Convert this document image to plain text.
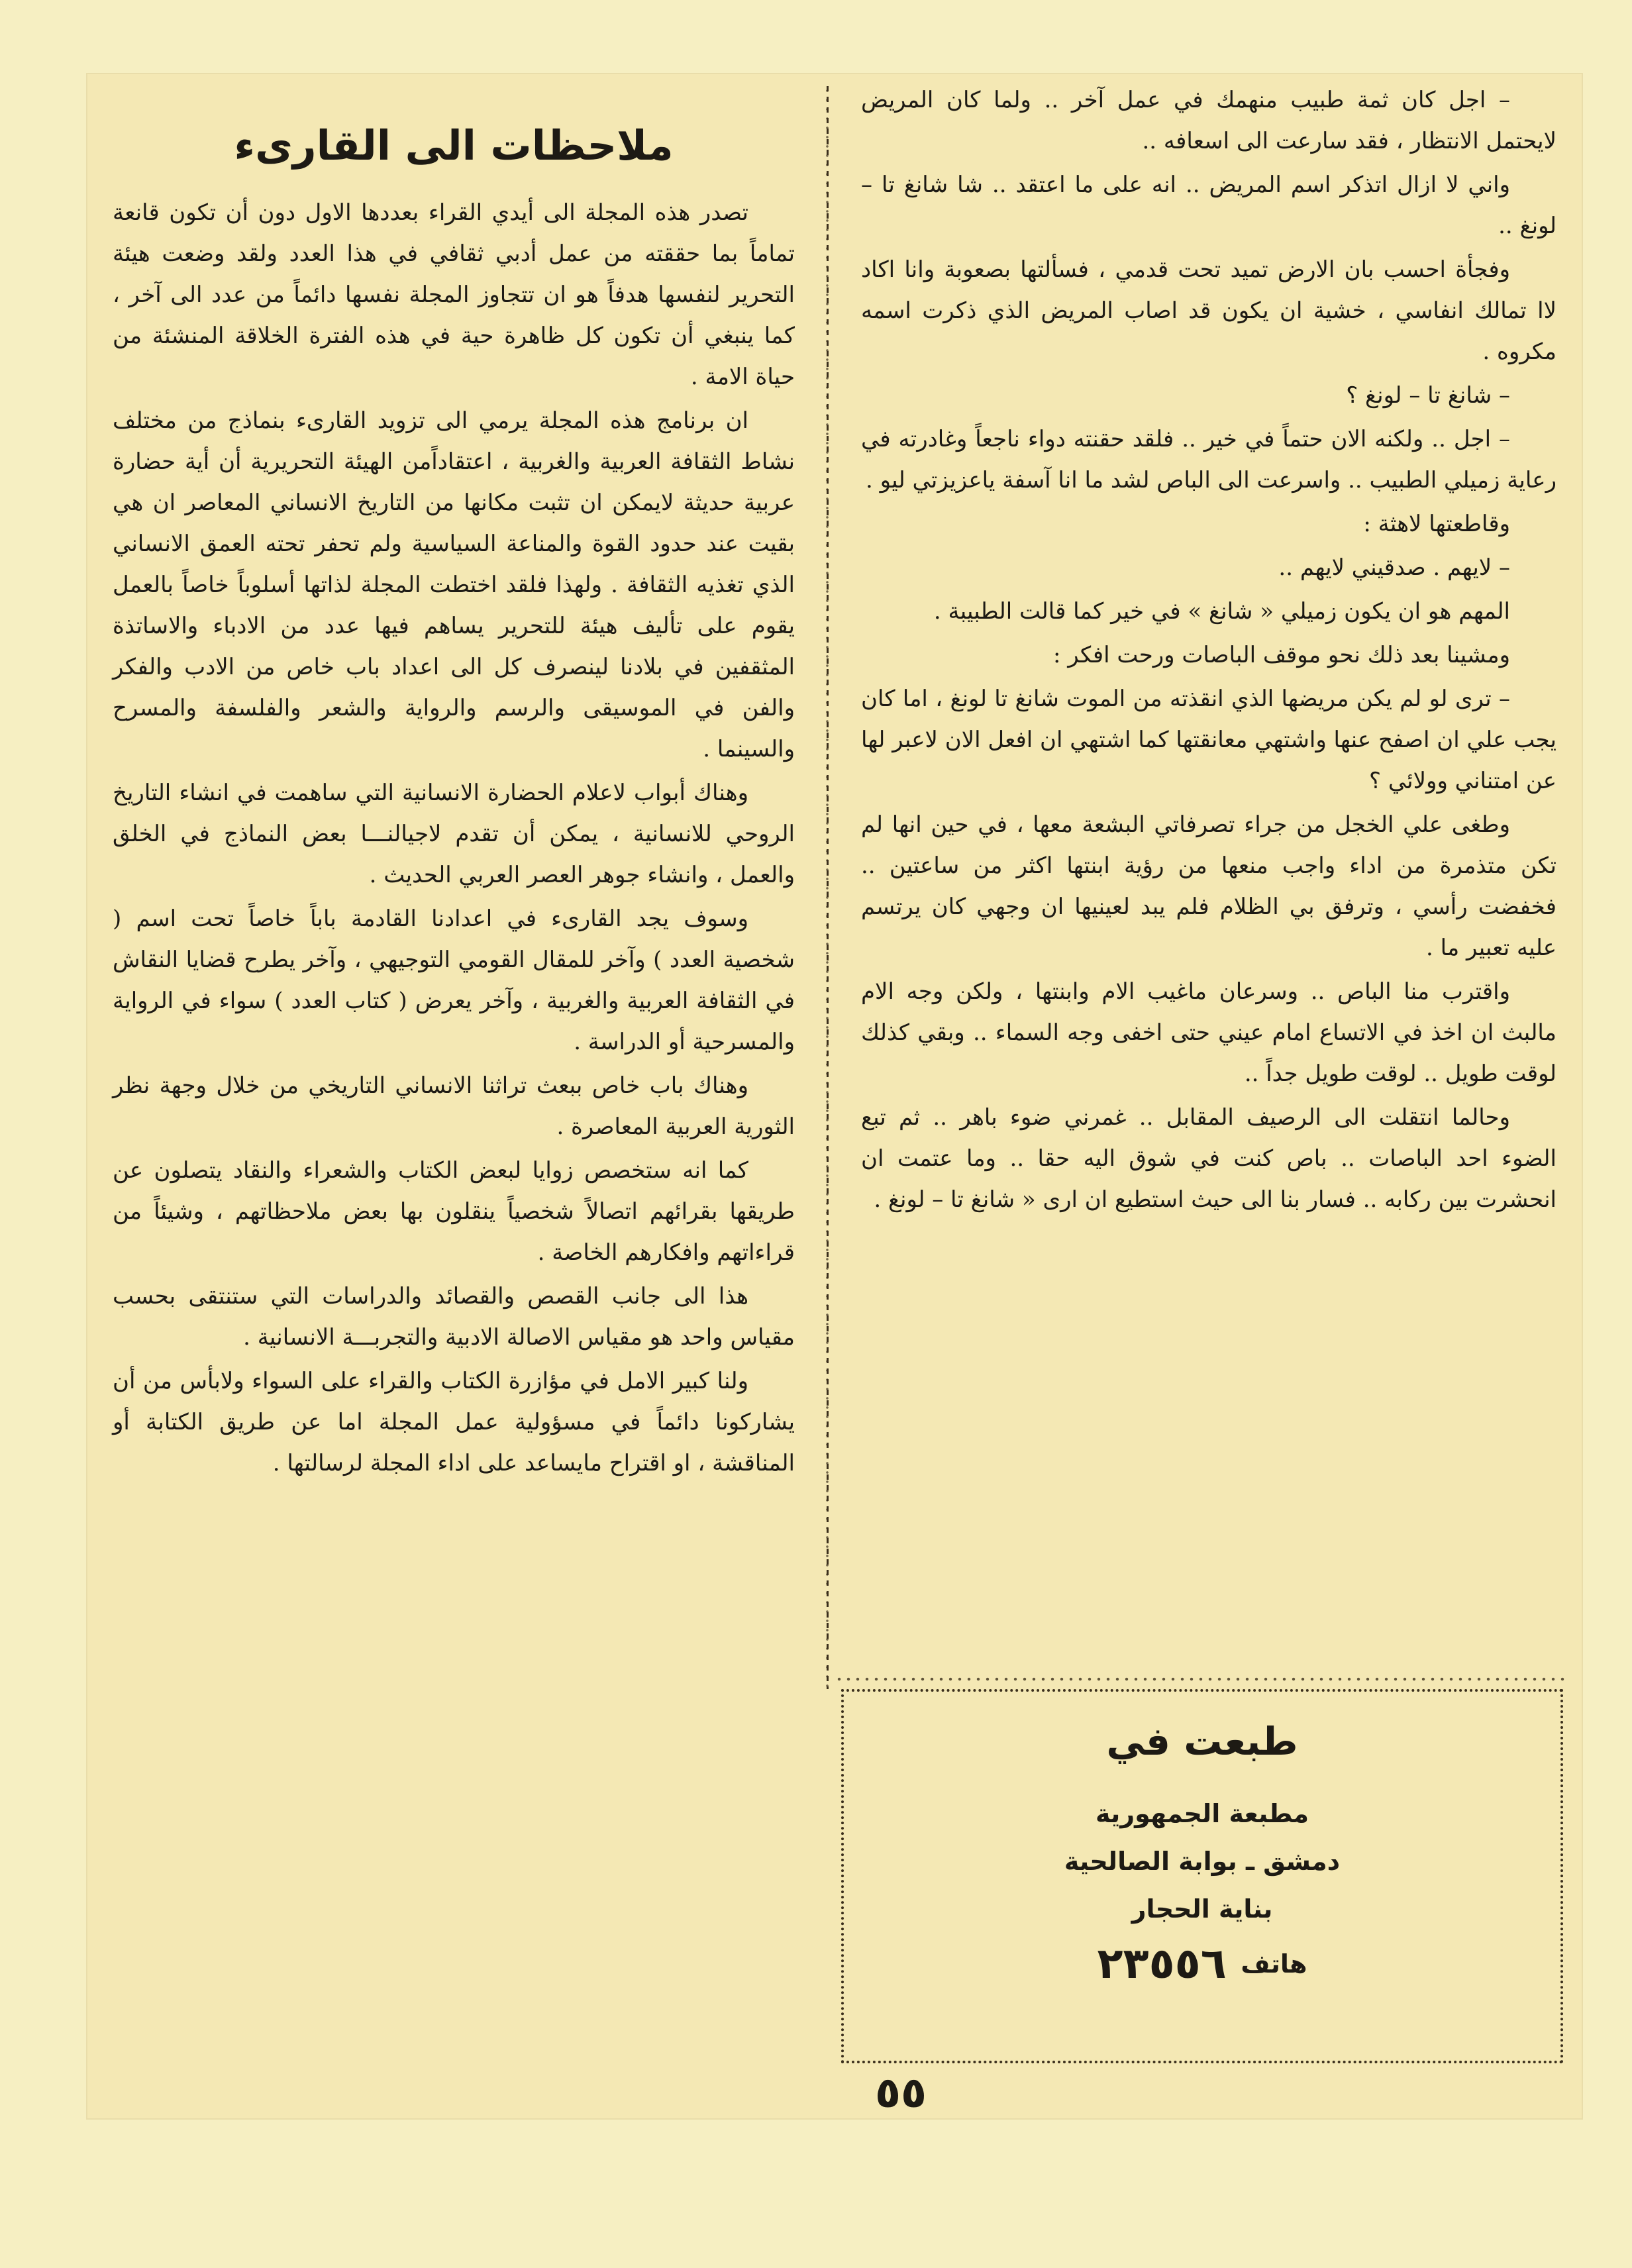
ملاحظات الى القارىء

تصدر هذه المجلة الى أيدي القراء بعددها الاول دون أن تكون قانعة تماماً بما حققته من عمل أدبي ثقافي في هذا العدد ولقد وضعت هيئة التحرير لنفسها هدفاً هو ان تتجاوز المجلة نفسها دائماً من عدد الى آخر ، كما ينبغي أن تكون كل ظاهرة حية في هذه الفترة الخلاقة المنشئة من حياة الامة .

ان برنامج هذه المجلة يرمي الى تزويد القارىء بنماذج من مختلف نشاط الثقافة العربية والغربية ، اعتقاداًمن الهيئة التحريرية أن أية حضارة عربية حديثة لايمكن ان تثبت مكانها من التاريخ الانساني المعاصر ان هي بقيت عند حدود القوة والمناعة السياسية ولم تحفر تحته العمق الانساني الذي تغذيه الثقافة . ولهذا فلقد اختطت المجلة لذاتها أسلوباً خاصاً بالعمل يقوم على تأليف هيئة للتحرير يساهم فيها عدد من الادباء والاساتذة المثقفين في بلادنا لينصرف كل الى اعداد باب خاص من الادب والفكر والفن في الموسيقى والرسم والرواية والشعر والفلسفة والمسرح والسينما .

وهناك أبواب لاعلام الحضارة الانسانية التي ساهمت في انشاء التاريخ الروحي للانسانية ، يمكن أن تقدم لاجيالنـــا بعض النماذج في الخلق والعمل ، وانشاء جوهر العصر العربي الحديث .

وسوف يجد القارىء في اعدادنا القادمة باباً خاصاً تحت اسم ( شخصية العدد ) وآخر للمقال القومي التوجيهي ، وآخر يطرح قضايا النقاش في الثقافة العربية والغربية ، وآخر يعرض ( كتاب العدد ) سواء في الرواية والمسرحية أو الدراسة .

وهناك باب خاص ببعث تراثنا الانساني التاريخي من خلال وجهة نظر الثورية العربية المعاصرة .

كما انه ستخصص زوايا لبعض الكتاب والشعراء والنقاد يتصلون عن طريقها بقرائهم اتصالاً شخصياً ينقلون بها بعض ملاحظاتهم ، وشيئاً من قراءاتهم وافكارهم الخاصة .

هذا الى جانب القصص والقصائد والدراسات التي ستنتقى بحسب مقياس واحد هو مقياس الاصالة الادبية والتجربـــة الانسانية .

ولنا كبير الامل في مؤازرة الكتاب والقراء على السواء ولابأس من أن يشاركونا دائماً في مسؤولية عمل المجلة اما عن طريق الكتابة أو المناقشة ، او اقتراح مايساعد على اداء المجلة لرسالتها .

– اجل كان ثمة طبيب منهمك في عمل آخر .. ولما كان المريض لايحتمل الانتظار ، فقد سارعت الى اسعافه ..

واني لا ازال اتذكر اسم المريض .. انه على ما اعتقد .. شا شانغ تا – لونغ ..

وفجأة احسب بان الارض تميد تحت قدمي ، فسألتها بصعوبة وانا اكاد لاا تمالك انفاسي ، خشية ان يكون قد اصاب المريض الذي ذكرت اسمه مكروه .

– شانغ تا – لونغ ؟

– اجل .. ولكنه الان حتماً في خير .. فلقد حقنته دواء ناجعاً وغادرته في رعاية زميلي الطبيب .. واسرعت الى الباص لشد ما انا آسفة ياعزيزتي ليو .

وقاطعتها لاهثة :

– لايهم . صدقيني لايهم ..

المهم هو ان يكون زميلي « شانغ » في خير كما قالت الطبيبة .

ومشينا بعد ذلك نحو موقف الباصات ورحت افكر :

– ترى لو لم يكن مريضها الذي انقذته من الموت شانغ تا لونغ ، اما كان يجب علي ان اصفح عنها واشتهي معانقتها كما اشتهي ان افعل الان لاعبر لها عن امتناني وولائي ؟

وطغى علي الخجل من جراء تصرفاتي البشعة معها ، في حين انها لم تكن متذمرة من اداء واجب منعها من رؤية ابنتها اكثر من ساعتين .. فخفضت رأسي ، وترفق بي الظلام فلم يبد لعينيها ان وجهي كان يرتسم عليه تعبير ما .

واقترب منا الباص .. وسرعان ماغيب الام وابنتها ، ولكن وجه الام مالبث ان اخذ في الاتساع امام عيني حتى اخفى وجه السماء .. وبقي كذلك لوقت طويل .. لوقت طويل جداً ..

وحالما انتقلت الى الرصيف المقابل .. غمرني ضوء باهر .. ثم تبع الضوء احد الباصات .. باص كنت في شوق اليه حقا .. وما عتمت ان انحشرت بين ركابه .. فسار بنا الى حيث استطيع ان ارى « شانغ تا – لونغ .

طبعت في
مطبعة الجمهورية
دمشق ـ بوابة الصالحية
بناية الحجار
هاتف ٢٣٥٥٦
٥٥
